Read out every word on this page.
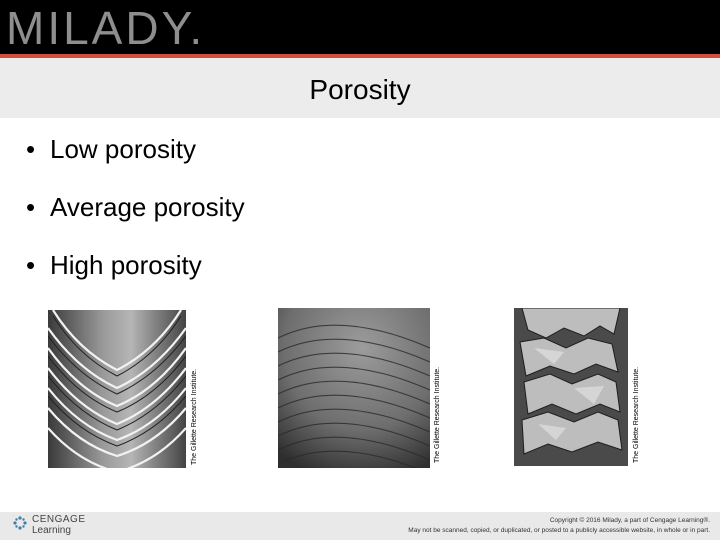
MILADY.
Porosity
• Low porosity
• Average porosity
• High porosity
The Gillette Research Institute.	The Gillette Research Institute.	The Gillette Research Institute.
CENGAGE
Learning
Copyright © 2016 Milady, a part of Cengage Learning®.
May not be scanned, copied, or duplicated, or posted to a publicly accessible website, in whole or in part.
